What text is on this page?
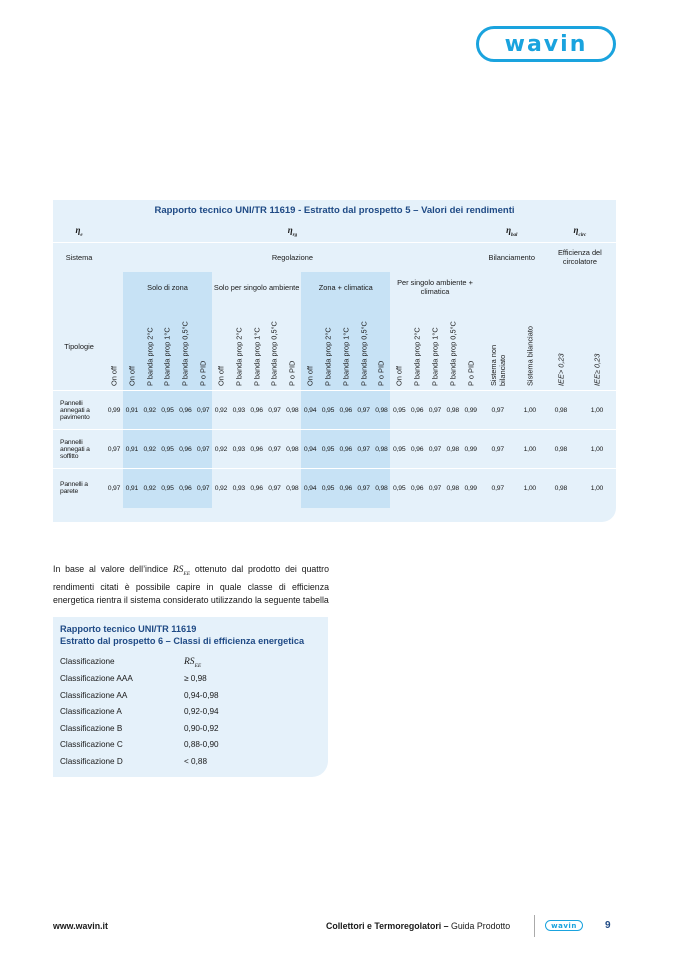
wavin
Rapporto tecnico UNI/TR 11619 - Estratto dal prospetto 5 – Valori dei rendimenti
$\eta_e$	$\eta_{rg}$																					$\eta_{bal}$		$\eta_{circ}$
Sistema	Regolazione																					Bilanciamento		Efficienza del circolatore	
		Solo di zona					Solo per singolo ambiente					Zona + climatica					Per singolo ambiente + climatica								
Tipologie	On off	On off	P banda prop 2°C	P banda prop 1°C	P banda prop 0,5°C	P o PID	On off	P banda prop 2°C	P banda prop 1°C	P banda prop 0,5°C	P o PID	On off	P banda prop 2°C	P banda prop 1°C	P banda prop 0,5°C	P o PID	On off	P banda prop 2°C	P banda prop 1°C	P banda prop 0,5°C	P o PID	Sistema non bilanciato	Sistema bilanciato	IEE> 0,23	IEE≥ 0,23

Pannelli annegati a pavimento	0,99	0,91	0,92	0,95	0,96	0,97	0,92	0,93	0,96	0,97	0,98	0,94	0,95	0,96	0,97	0,98	0,95	0,96	0,97	0,98	0,99	0,97	1,00	0,98	1,00
Pannelli annegati a soffitto	0,97	0,91	0,92	0,95	0,96	0,97	0,92	0,93	0,96	0,97	0,98	0,94	0,95	0,96	0,97	0,98	0,95	0,96	0,97	0,98	0,99	0,97	1,00	0,98	1,00
Pannelli a parete	0,97	0,91	0,92	0,95	0,96	0,97	0,92	0,93	0,96	0,97	0,98	0,94	0,95	0,96	0,97	0,98	0,95	0,96	0,97	0,98	0,99	0,97	1,00	0,98	1,00

In base al valore dell’indice $RS_{EE}$ ottenuto dal prodotto dei quattro rendimenti citati è possibile capire in quale classe di efficienza energetica rientra il sistema considerato utilizzando la seguente tabella

Rapporto tecnico UNI/TR 11619
Estratto dal prospetto 6 – Classi di efficienza energetica
Classificazione	$RS_{EE}$
Classificazione AAA	≥ 0,98
Classificazione AA	0,94-0,98
Classificazione A	0,92-0,94
Classificazione B	0,90-0,92
Classificazione C	0,88-0,90
Classificazione D	< 0,88
www.wavin.it	Collettori e Termoregolatori – Guida Prodotto	wavin	9
